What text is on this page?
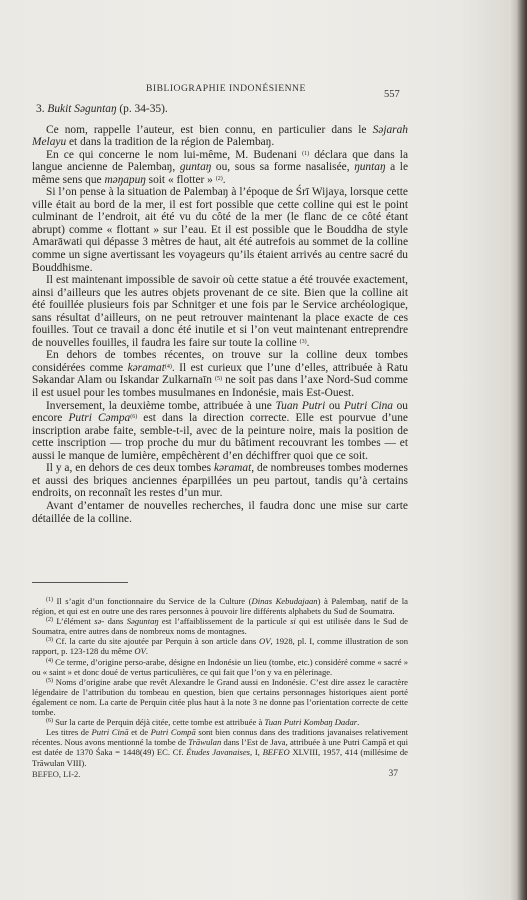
BIBLIOGRAPHIE INDONÉSIENNE
557

3. Bukit Səguntaŋ (p. 34-35).

Ce nom, rappelle l’auteur, est bien connu, en particulier dans le Səjarah Melayu et dans la tradition de la région de Palembaŋ.

En ce qui concerne le nom lui-même, M. Budenani $^{(1)}$ déclara que dans la langue ancienne de Palembaŋ, guntaŋ ou, sous sa forme nasalisée, ŋuntaŋ a le même sens que məŋapuŋ soit « flotter » $^{(2)}$.

Si l’on pense à la situation de Palembaŋ à l’époque de Śrī Wijaya, lorsque cette ville était au bord de la mer, il est fort possible que cette colline qui est le point culminant de l’endroit, ait été vu du côté de la mer (le flanc de ce côté étant abrupt) comme « flottant » sur l’eau. Et il est possible que le Bouddha de style Amarāwati qui dépasse 3 mètres de haut, ait été autrefois au sommet de la colline comme un signe avertissant les voyageurs qu’ils étaient arrivés au centre sacré du Bouddhisme.

Il est maintenant impossible de savoir où cette statue a été trouvée exactement, ainsi d’ailleurs que les autres objets provenant de ce site. Bien que la colline ait été fouillée plusieurs fois par Schnitger et une fois par le Service archéologique, sans résultat d’ailleurs, on ne peut retrouver maintenant la place exacte de ces fouilles. Tout ce travail a donc été inutile et si l’on veut maintenant entreprendre de nouvelles fouilles, il faudra les faire sur toute la colline $^{(3)}$.

En dehors de tombes récentes, on trouve sur la colline deux tombes considérées comme kəramat$^{(4)}$. Il est curieux que l’une d’elles, attribuée à Ratu Səkandar Alam ou Iskandar Zulkarnaīn $^{(5)}$ ne soit pas dans l’axe Nord-Sud comme il est usuel pour les tombes musulmanes en Indonésie, mais Est-Ouest.

Inversement, la deuxième tombe, attribuée à une Tuan Putri ou Putri Cina ou encore Putri Cəmpa$^{(6)}$ est dans la direction correcte. Elle est pourvue d’une inscription arabe faite, semble-t-il, avec de la peinture noire, mais la position de cette inscription — trop proche du mur du bâtiment recouvrant les tombes — et aussi le manque de lumière, empêchèrent d’en déchiffrer quoi que ce soit.

Il y a, en dehors de ces deux tombes kəramat, de nombreuses tombes modernes et aussi des briques anciennes éparpillées un peu partout, tandis qu’à certains endroits, on reconnaît les restes d’un mur.

Avant d’entamer de nouvelles recherches, il faudra donc une mise sur carte détaillée de la colline.

$^{(1)}$ Il s’agit d’un fonctionnaire du Service de la Culture (Dinas Kebudajaan) à Palembaŋ, natif de la région, et qui est en outre une des rares personnes à pouvoir lire différents alphabets du Sud de Soumatra.

$^{(2)}$ L’élément sə- dans Səguntaŋ est l’affaiblissement de la particule si qui est utilisée dans le Sud de Soumatra, entre autres dans de nombreux noms de montagnes.

$^{(3)}$ Cf. la carte du site ajoutée par Perquin à son article dans OV, 1928, pl. I, comme illustration de son rapport, p. 123-128 du même OV.

$^{(4)}$ Ce terme, d’origine perso-arabe, désigne en Indonésie un lieu (tombe, etc.) considéré comme « sacré » ou « saint » et donc doué de vertus particulières, ce qui fait que l’on y va en pèlerinage.

$^{(5)}$ Noms d’origine arabe que revêt Alexandre le Grand aussi en Indonésie. C’est dire assez le caractère légendaire de l’attribution du tombeau en question, bien que certains personnages historiques aient porté également ce nom. La carte de Perquin citée plus haut à la note 3 ne donne pas l’orientation correcte de cette tombe.

$^{(6)}$ Sur la carte de Perquin déjà citée, cette tombe est attribuée à Tuan Putri Kombaŋ Dadar.

Les titres de Putri Cinā et de Putri Compā sont bien connus dans des traditions javanaises relativement récentes. Nous avons mentionné la tombe de Trāwulan dans l’Est de Java, attribuée à une Putri Campā et qui est datée de 1370 Śaka = 1448(49) EC. Cf. Études Javanaises, I, BEFEO XLVIII, 1957, 414 (millésime de Trāwulan VIII).

BEFEO, LI-2.	37
